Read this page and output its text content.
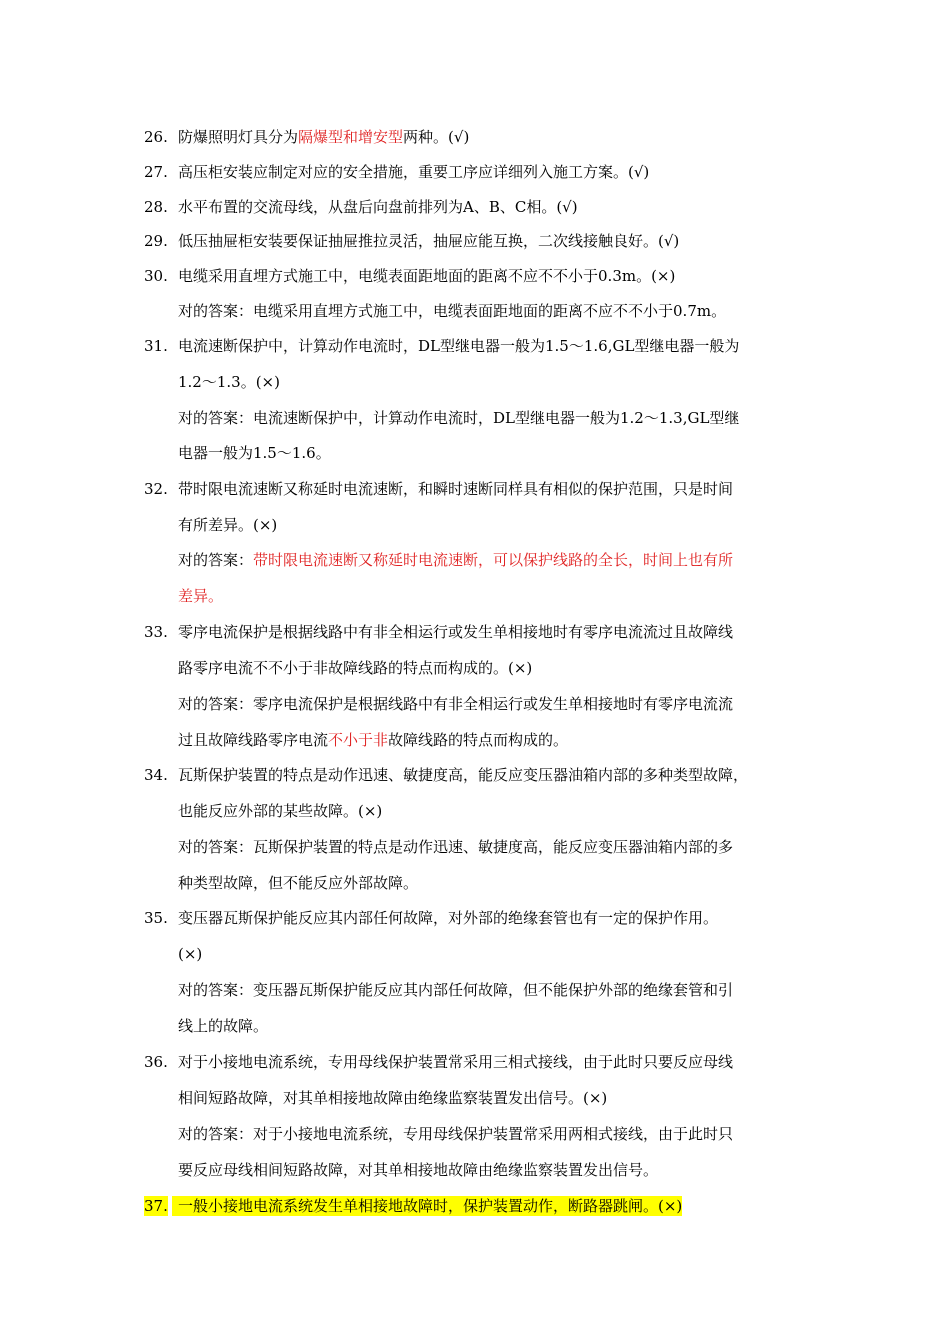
26. 防爆照明灯具分为隔爆型和增安型两种。(√)
27. 高压柜安装应制定对应的安全措施，重要工序应详细列入施工方案。(√)
28. 水平布置的交流母线，从盘后向盘前排列为A、B、C相。(√)
29. 低压抽屉柜安装要保证抽屉推拉灵活，抽屉应能互换，二次线接触良好。(√)
30. 电缆采用直埋方式施工中，电缆表面距地面的距离不应不不小于0.3m。(×)
对的答案：电缆采用直埋方式施工中，电缆表面距地面的距离不应不不小于0.7m。
31. 电流速断保护中，计算动作电流时，DL型继电器一般为1.5～1.6,GL型继电器一般为
1.2～1.3。(×)
对的答案：电流速断保护中，计算动作电流时，DL型继电器一般为1.2～1.3,GL型继
电器一般为1.5～1.6。
32. 带时限电流速断又称延时电流速断，和瞬时速断同样具有相似的保护范围，只是时间
有所差异。(×)
对的答案：带时限电流速断又称延时电流速断，可以保护线路的全长，时间上也有所
差异。
33. 零序电流保护是根据线路中有非全相运行或发生单相接地时有零序电流流过且故障线
路零序电流不不小于非故障线路的特点而构成的。(×)
对的答案：零序电流保护是根据线路中有非全相运行或发生单相接地时有零序电流流
过且故障线路零序电流不小于非故障线路的特点而构成的。
34. 瓦斯保护装置的特点是动作迅速、敏捷度高，能反应变压器油箱内部的多种类型故障，
也能反应外部的某些故障。(×)
对的答案：瓦斯保护装置的特点是动作迅速、敏捷度高，能反应变压器油箱内部的多
种类型故障，但不能反应外部故障。
35. 变压器瓦斯保护能反应其内部任何故障，对外部的绝缘套管也有一定的保护作用。
(×)
对的答案：变压器瓦斯保护能反应其内部任何故障，但不能保护外部的绝缘套管和引
线上的故障。
36. 对于小接地电流系统，专用母线保护装置常采用三相式接线，由于此时只要反应母线
相间短路故障，对其单相接地故障由绝缘监察装置发出信号。(×)
对的答案：对于小接地电流系统，专用母线保护装置常采用两相式接线，由于此时只
要反应母线相间短路故障，对其单相接地故障由绝缘监察装置发出信号。
37. 一般小接地电流系统发生单相接地故障时，保护装置动作，断路器跳闸。(×)
